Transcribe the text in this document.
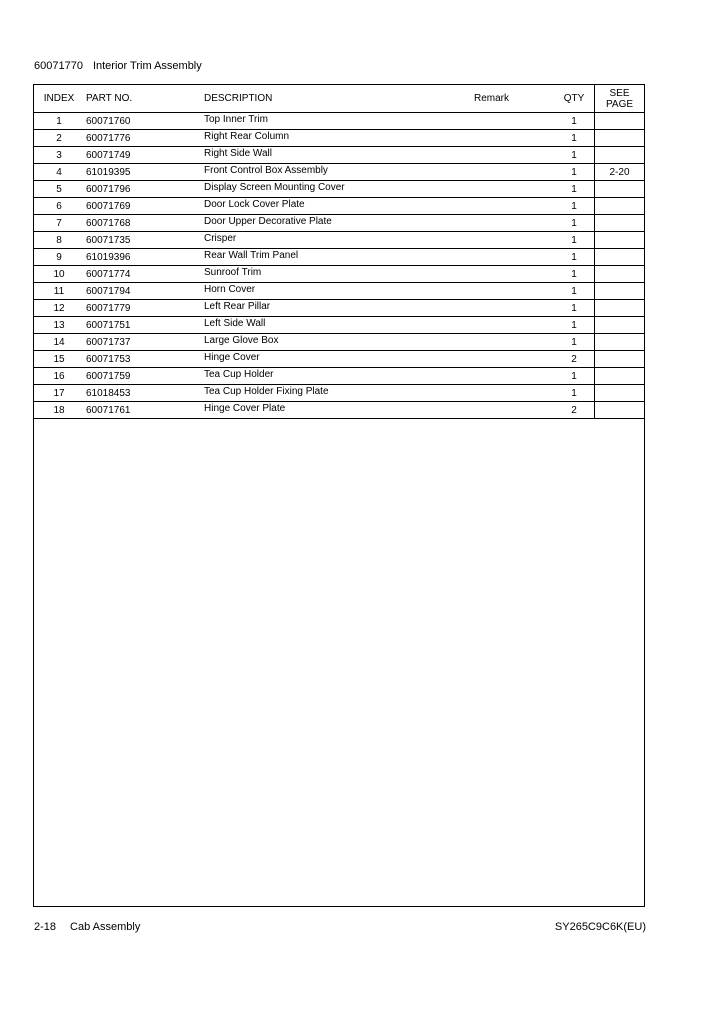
60071770 Interior Trim Assembly
INDEX	PART NO.	DESCRIPTION	Remark	QTY	SEE
PAGE
1	60071760	Top Inner Trim		1	
2	60071776	Right Rear Column		1	
3	60071749	Right Side Wall		1	
4	61019395	Front Control Box Assembly		1	2-20
5	60071796	Display Screen Mounting Cover		1	
6	60071769	Door Lock Cover Plate		1	
7	60071768	Door Upper Decorative Plate		1	
8	60071735	Crisper		1	
9	61019396	Rear Wall Trim Panel		1	
10	60071774	Sunroof Trim		1	
11	60071794	Horn Cover		1	
12	60071779	Left Rear Pillar		1	
13	60071751	Left Side Wall		1	
14	60071737	Large Glove Box		1	
15	60071753	Hinge Cover		2	
16	60071759	Tea Cup Holder		1	
17	61018453	Tea Cup Holder Fixing Plate		1	
18	60071761	Hinge Cover Plate		2	
2-18 Cab Assembly	SY265C9C6K(EU)
